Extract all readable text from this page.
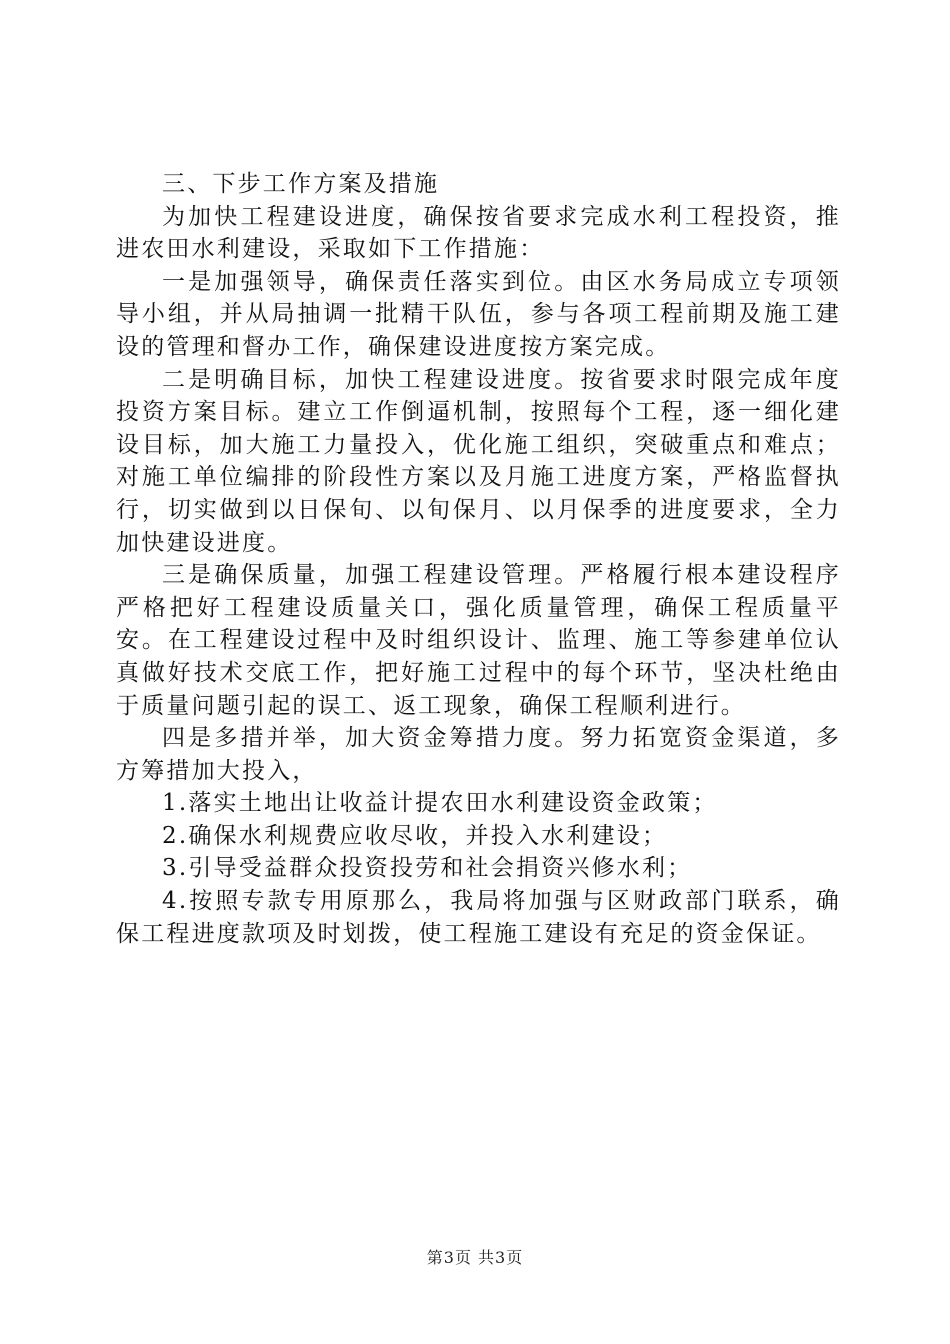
三、下步工作方案及措施

为加快工程建设进度，确保按省要求完成水利工程投资，推进农田水利建设，采取如下工作措施：

一是加强领导，确保责任落实到位。由区水务局成立专项领导小组，并从局抽调一批精干队伍，参与各项工程前期及施工建设的管理和督办工作，确保建设进度按方案完成。

二是明确目标，加快工程建设进度。按省要求时限完成年度投资方案目标。建立工作倒逼机制，按照每个工程，逐一细化建设目标，加大施工力量投入，优化施工组织，突破重点和难点；对施工单位编排的阶段性方案以及月施工进度方案，严格监督执行，切实做到以日保旬、以旬保月、以月保季的进度要求，全力加快建设进度。

三是确保质量，加强工程建设管理。严格履行根本建设程序严格把好工程建设质量关口，强化质量管理，确保工程质量平安。在工程建设过程中及时组织设计、监理、施工等参建单位认真做好技术交底工作，把好施工过程中的每个环节，坚决杜绝由于质量问题引起的误工、返工现象，确保工程顺利进行。

四是多措并举，加大资金筹措力度。努力拓宽资金渠道，多方筹措加大投入，

1.落实土地出让收益计提农田水利建设资金政策；

2.确保水利规费应收尽收，并投入水利建设；

3.引导受益群众投资投劳和社会捐资兴修水利；

4.按照专款专用原那么，我局将加强与区财政部门联系，确保工程进度款项及时划拨，使工程施工建设有充足的资金保证。

第3页 共3页
